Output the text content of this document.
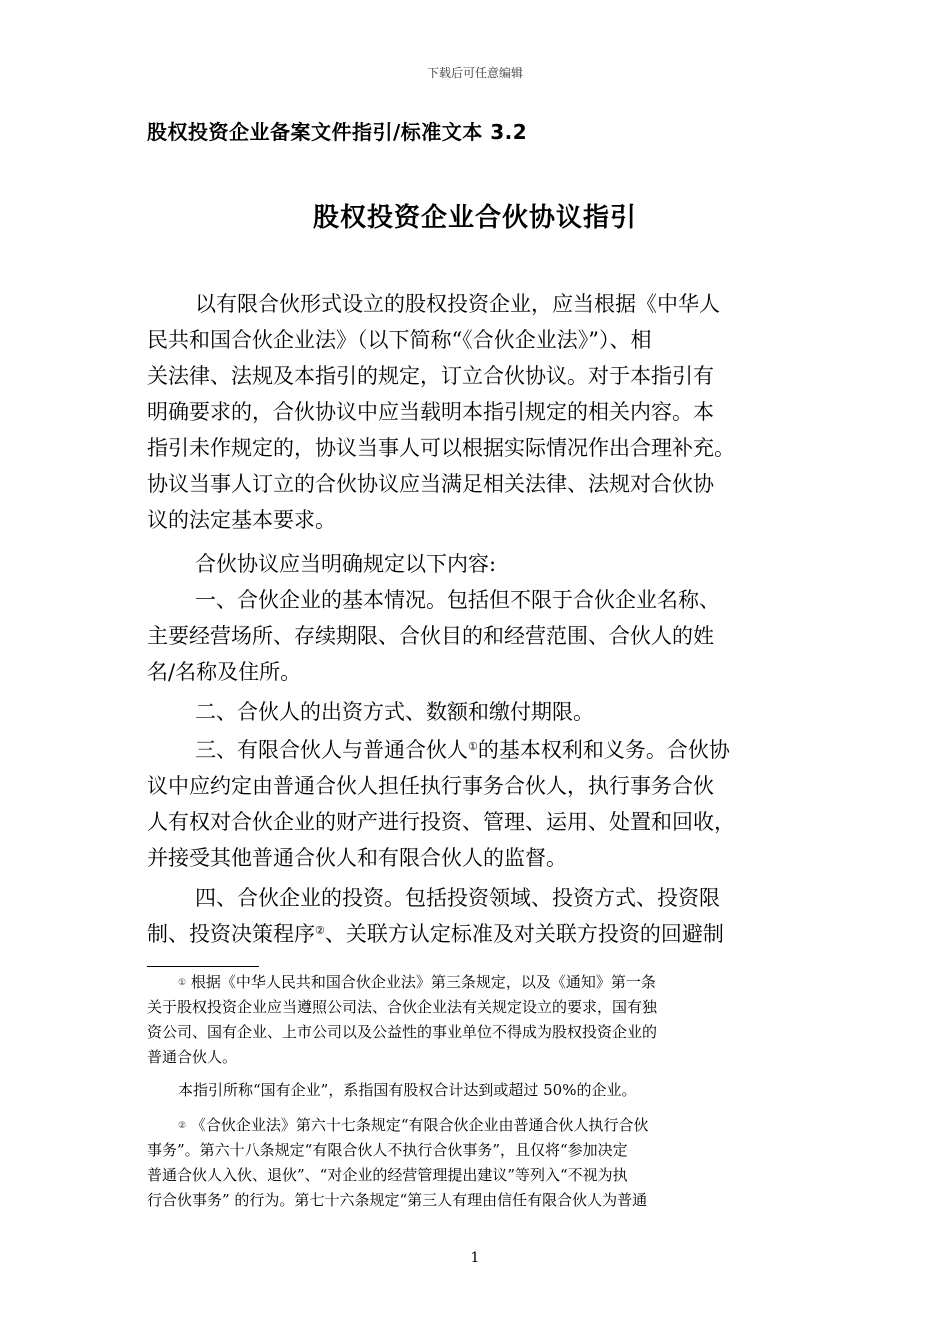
下载后可任意编辑
股权投资企业备案文件指引/标准文本 3.2
股权投资企业合伙协议指引
以有限合伙形式设立的股权投资企业，应当根据《中华人
民共和国合伙企业法》（以下简称“《合伙企业法》”）、相
关法律、法规及本指引的规定，订立合伙协议。对于本指引有
明确要求的，合伙协议中应当载明本指引规定的相关内容。本
指引未作规定的，协议当事人可以根据实际情况作出合理补充。
协议当事人订立的合伙协议应当满足相关法律、法规对合伙协
议的法定基本要求。
合伙协议应当明确规定以下内容:
一、合伙企业的基本情况。包括但不限于合伙企业名称、
主要经营场所、存续期限、合伙目的和经营范围、合伙人的姓
名/名称及住所。
二、合伙人的出资方式、数额和缴付期限。
三、有限合伙人与普通合伙人①的基本权利和义务。合伙协
议中应约定由普通合伙人担任执行事务合伙人，执行事务合伙
人有权对合伙企业的财产进行投资、管理、运用、处置和回收，
并接受其他普通合伙人和有限合伙人的监督。
四、合伙企业的投资。包括投资领域、投资方式、投资限
制、投资决策程序②、关联方认定标准及对关联方投资的回避制
① 根据《中华人民共和国合伙企业法》第三条规定，以及《通知》第一条
关于股权投资企业应当遵照公司法、合伙企业法有关规定设立的要求，国有独
资公司、国有企业、上市公司以及公益性的事业单位不得成为股权投资企业的
普通合伙人。
本指引所称“国有企业”，系指国有股权合计达到或超过 50%的企业。
② 《合伙企业法》第六十七条规定“有限合伙企业由普通合伙人执行合伙
事务”。第六十八条规定“有限合伙人不执行合伙事务”，且仅将“参加决定
普通合伙人入伙、退伙”、“对企业的经营管理提出建议”等列入“不视为执
行合伙事务” 的行为。第七十六条规定“第三人有理由信任有限合伙人为普通
1
